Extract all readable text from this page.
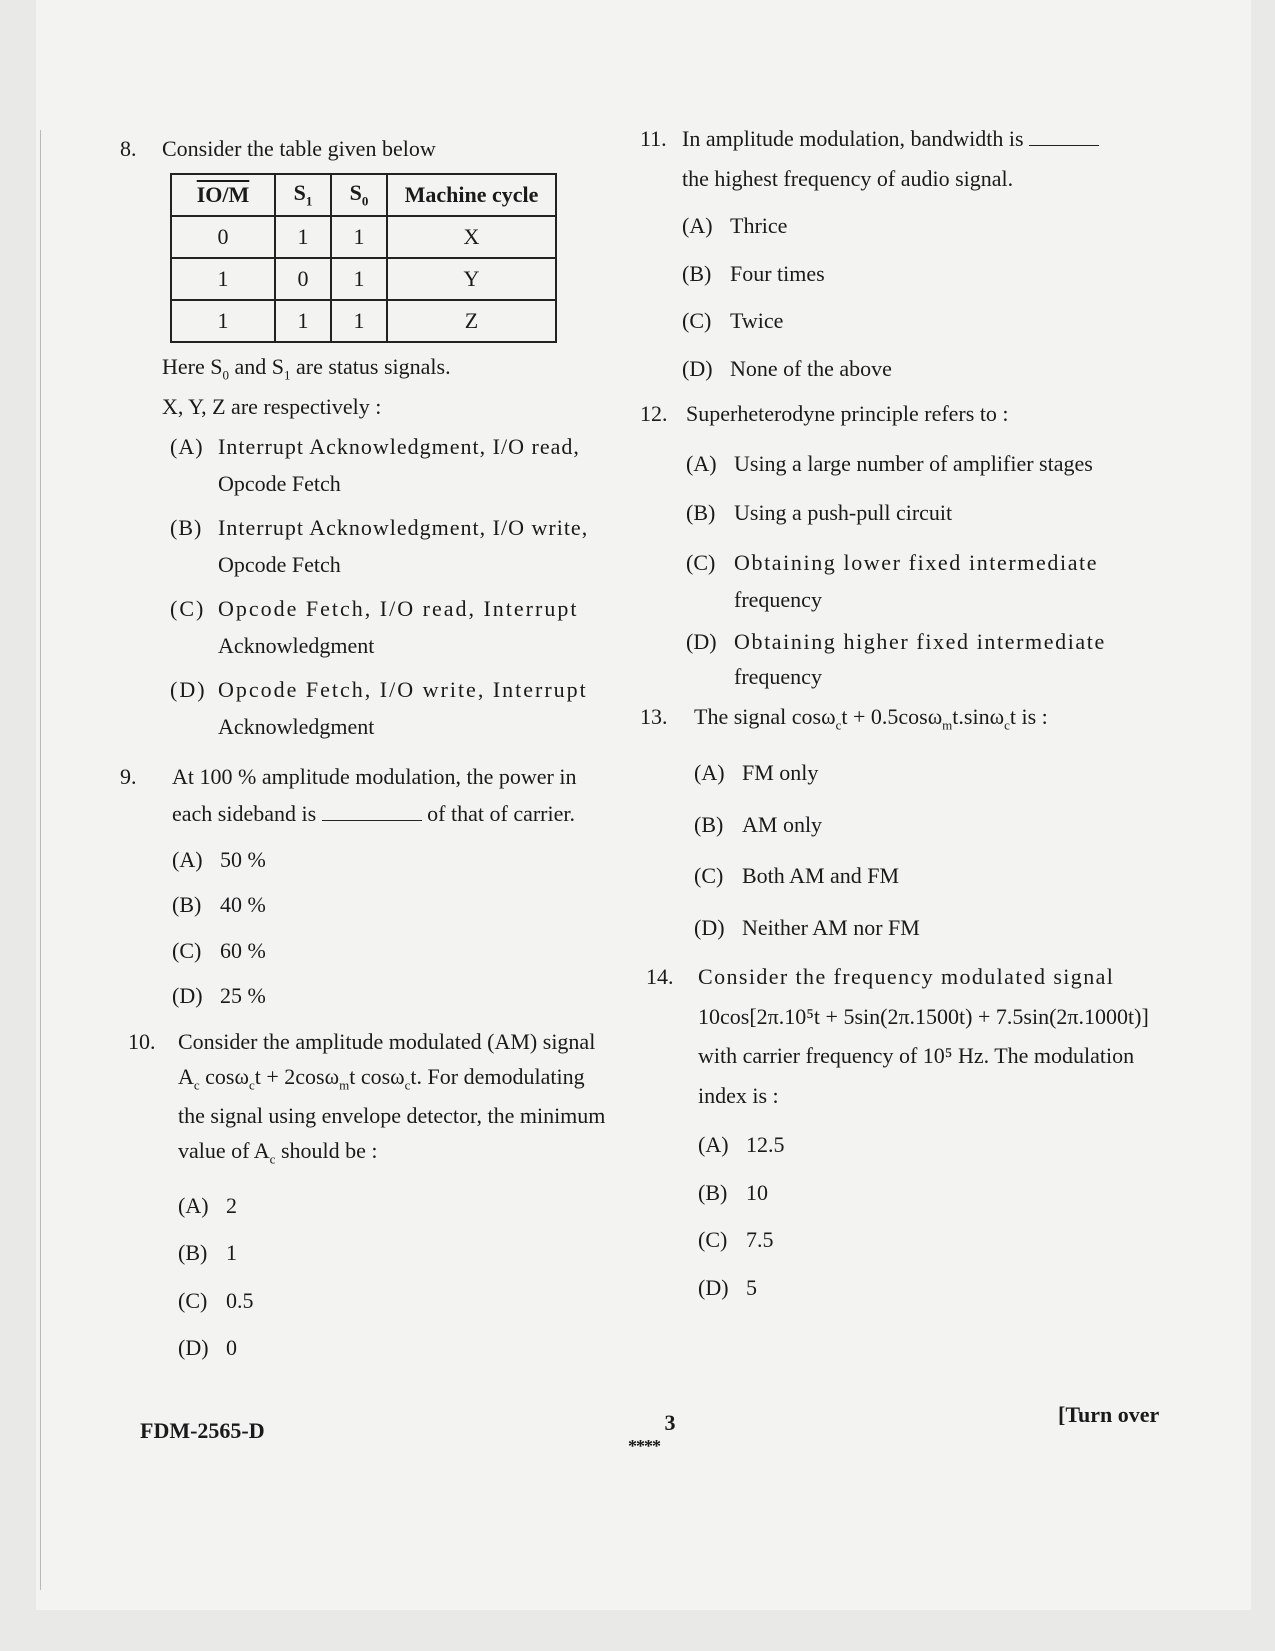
8. Consider the table given below
IO/M	$S_1$	$S_0$	Machine cycle
0	1	1	X
1	0	1	Y
1	1	1	Z
Here $S_0$ and $S_1$ are status signals.
X, Y, Z are respectively :
(A) Interrupt Acknowledgment, I/O read,
Opcode Fetch
(B) Interrupt Acknowledgment, I/O write,
Opcode Fetch
(C) Opcode Fetch, I/O read, Interrupt
Acknowledgment
(D) Opcode Fetch, I/O write, Interrupt
Acknowledgment
9. At 100 % amplitude modulation, the power in
each sideband is	of that of carrier.
(A) 50 %
(B) 40 %
(C) 60 %
(D) 25 %
10. Consider the amplitude modulated (AM) signal
$A_c$ cosω$_c$t + 2cosω$_m$t cosω$_c$t. For demodulating
the signal using envelope detector, the minimum
value of $A_c$ should be :
(A) 2
(B) 1
(C) 0.5
(D) 0
11. In amplitude modulation, bandwidth is
the highest frequency of audio signal.
(A) Thrice
(B) Four times
(C) Twice
(D) None of the above
12. Superheterodyne principle refers to :
(A) Using a large number of amplifier stages
(B) Using a push-pull circuit
(C) Obtaining lower fixed intermediate
frequency
(D) Obtaining higher fixed intermediate
frequency
13. The signal cosω$_c$t + 0.5cosω$_m$t.sinω$_c$t is :
(A) FM only
(B) AM only
(C) Both AM and FM
(D) Neither AM nor FM
14. Consider the frequency modulated signal
10cos[2π.10⁵t + 5sin(2π.1500t) + 7.5sin(2π.1000t)]
with carrier frequency of 10⁵ Hz. The modulation
index is :
(A) 12.5
(B) 10
(C) 7.5
(D) 5
FDM-2565-D	3
****
[Turn over
